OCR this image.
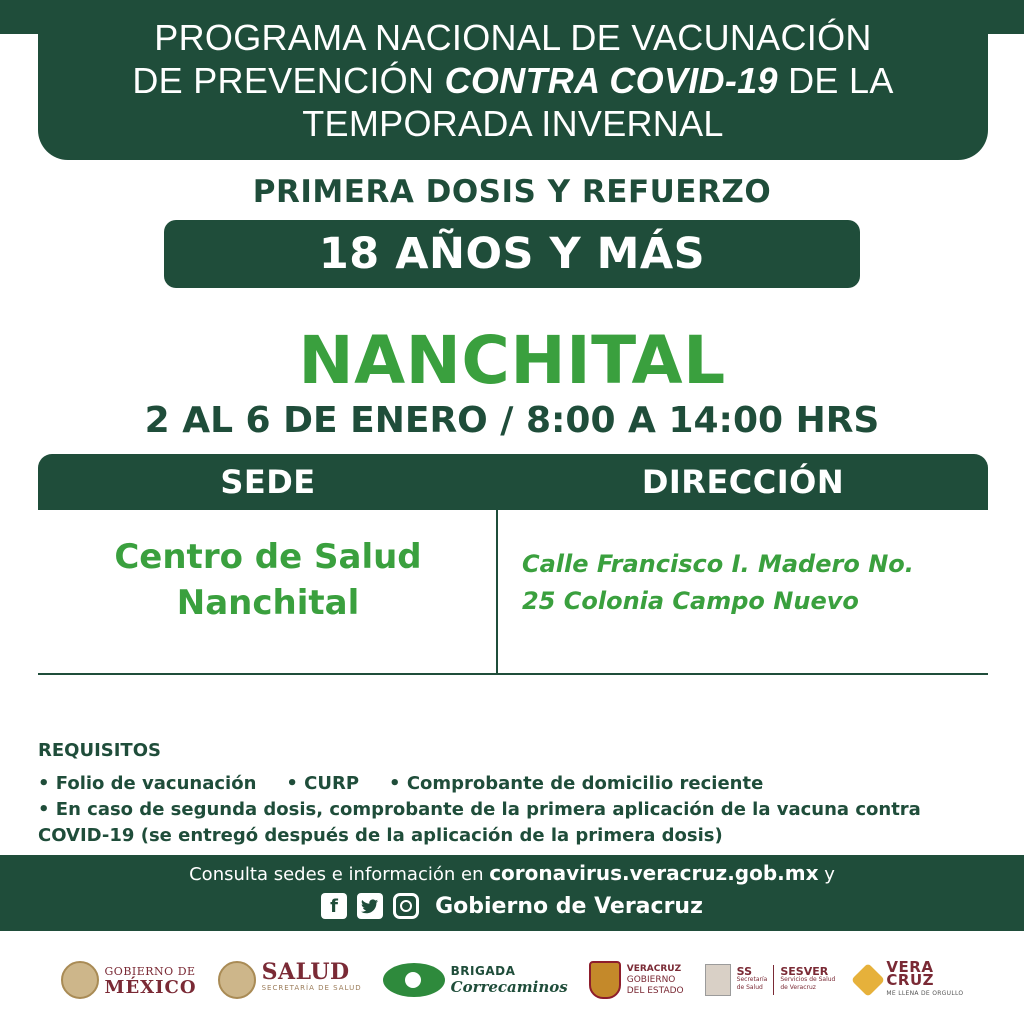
PROGRAMA NACIONAL DE VACUNACIÓN
DE PREVENCIÓN CONTRA COVID-19 DE LA
TEMPORADA INVERNAL
PRIMERA DOSIS Y REFUERZO
18 AÑOS Y MÁS
NANCHITAL
2 AL 6 DE ENERO / 8:00 A 14:00 HRS
SEDE	DIRECCIÓN
Centro de Salud
Nanchital
Calle Francisco I. Madero No.
25 Colonia Campo Nuevo
REQUISITOS
• Folio de vacunación • CURP • Comprobante de domicilio reciente
• En caso de segunda dosis, comprobante de la primera aplicación de la vacuna contra
COVID-19 (se entregó después de la aplicación de la primera dosis)
Consulta sedes e información en coronavirus.veracruz.gob.mx y
f	Gobierno de Veracruz
GOBIERNO DE
MÉXICO
SALUD
SECRETARÍA DE SALUD
BRIGADA
Correcaminos
VERACRUZ
GOBIERNO
DEL ESTADO
SS
Secretaría
de Salud
SESVER
Servicios de Salud
de Veracruz
VERA
CRUZ
ME LLENA DE ORGULLO
